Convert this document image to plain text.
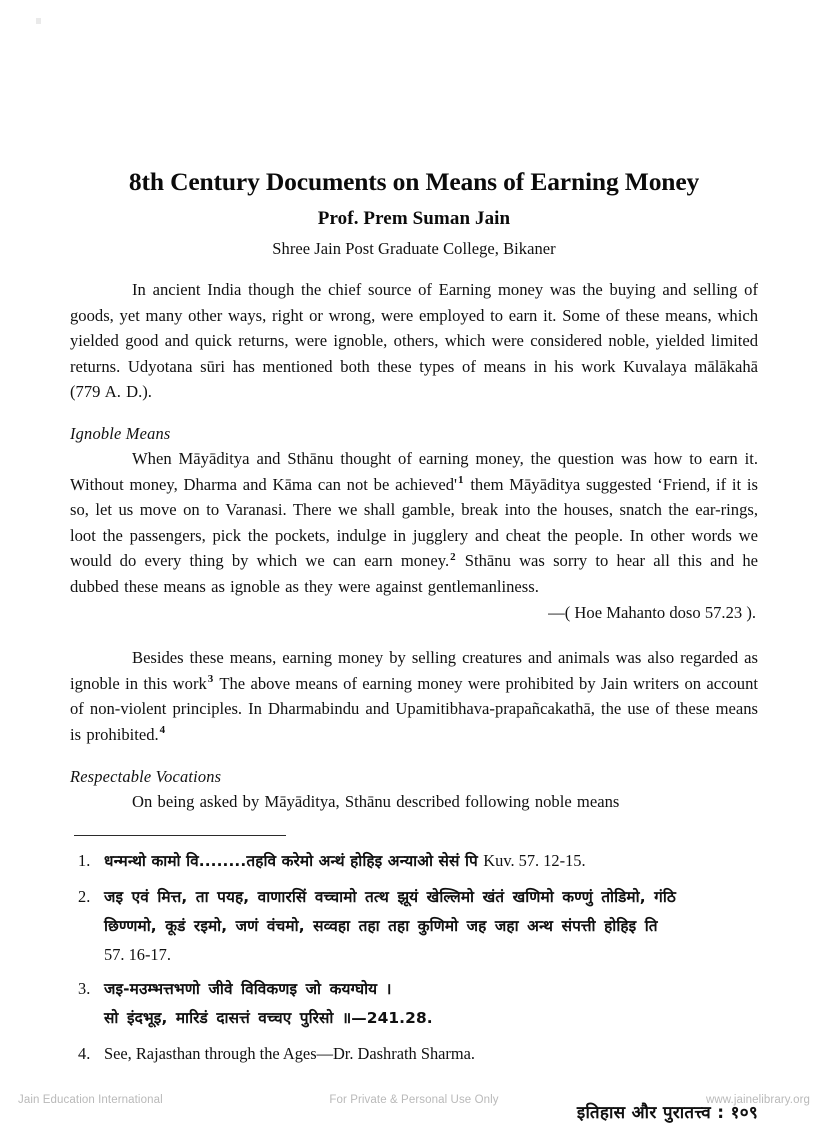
8th Century Documents on Means of Earning Money

Prof. Prem Suman Jain

Shree Jain Post Graduate College, Bikaner

In ancient India though the chief source of Earning money was the buying and selling of goods, yet many other ways, right or wrong, were employed to earn it. Some of these means, which yielded good and quick returns, were ignoble, others, which were considered noble, yielded limited returns. Udyotana sūri has mentioned both these types of means in his work Kuvalaya mālākahā (779 A. D.).

Ignoble Means

When Māyāditya and Sthānu thought of earning money, the question was how to earn it. Without money, Dharma and Kāma can not be achieved'$^1$ them Māyāditya suggested ‘Friend, if it is so, let us move on to Varanasi. There we shall gamble, break into the houses, snatch the ear-rings, loot the passengers, pick the pockets, indulge in jugglery and cheat the people. In other words we would do every thing by which we can earn money.$^2$ Sthānu was sorry to hear all this and he dubbed these means as ignoble as they were against gentlemanliness.

—( Hoe Mahanto doso 57.23 ).

Besides these means, earning money by selling creatures and animals was also regarded as ignoble in this work$^3$ The above means of earning money were prohibited by Jain writers on account of non-violent principles. In Dharmabindu and Upamitibhava-prapañcakathā, the use of these means is prohibited.$^4$

Respectable Vocations

On being asked by Māyāditya, Sthānu described following noble means

1. धन्मन्थो कामो वि........तहवि करेमो अन्थं होहिइ अन्याओ सेसं पि Kuv. 57. 12-15.
2. जइ एवं मित्त, ता पयह, वाणारसिं वच्चामो तत्थ झूयं खेल्लिमो खंतं खणिमो कण्णुं तोडिमो, गंठि
छिण्णमो, कूडं रइमो, जणं वंचमो, सव्वहा तहा तहा कुणिमो जह जहा अन्थ संपत्ती होहिइ ति
57. 16-17.
3. जइ-मउम्भत्तभणो जीवे विविकणइ जो कयग्घोय ।
सो इंदभूइ, मारिडं दासत्तं वच्चए पुरिसो ॥—241.28.
4. See, Rajasthan through the Ages—Dr. Dashrath Sharma.

इतिहास और पुरातत्त्व : १०९

Jain Education International	For Private & Personal Use Only	www.jainelibrary.org
